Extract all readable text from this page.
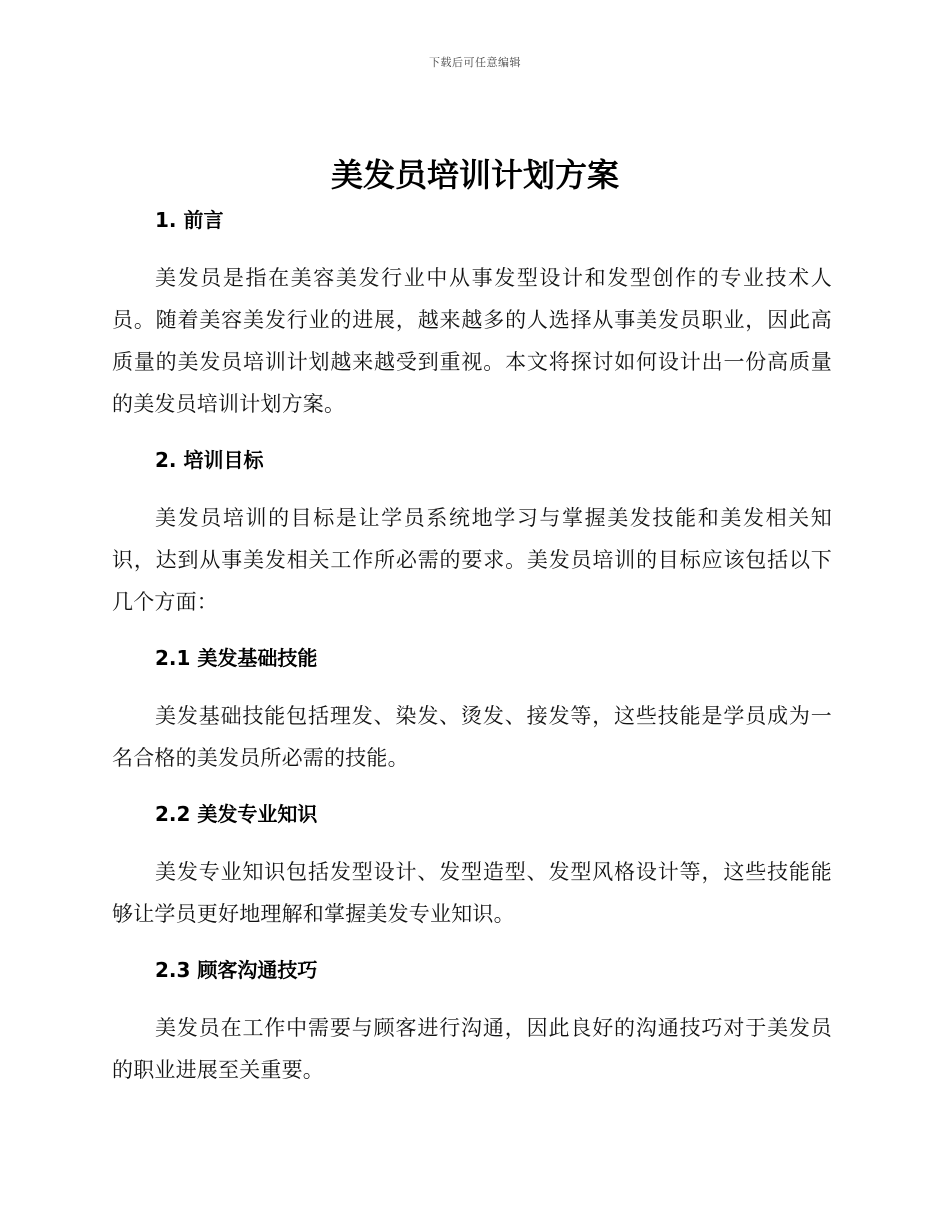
下载后可任意编辑
美发员培训计划方案

1. 前言

美发员是指在美容美发行业中从事发型设计和发型创作的专业技术人员。随着美容美发行业的进展，越来越多的人选择从事美发员职业，因此高质量的美发员培训计划越来越受到重视。本文将探讨如何设计出一份高质量的美发员培训计划方案。

2. 培训目标

美发员培训的目标是让学员系统地学习与掌握美发技能和美发相关知识，达到从事美发相关工作所必需的要求。美发员培训的目标应该包括以下几个方面：

2.1 美发基础技能

美发基础技能包括理发、染发、烫发、接发等，这些技能是学员成为一名合格的美发员所必需的技能。

2.2 美发专业知识

美发专业知识包括发型设计、发型造型、发型风格设计等，这些技能能够让学员更好地理解和掌握美发专业知识。

2.3 顾客沟通技巧

美发员在工作中需要与顾客进行沟通，因此良好的沟通技巧对于美发员的职业进展至关重要。
